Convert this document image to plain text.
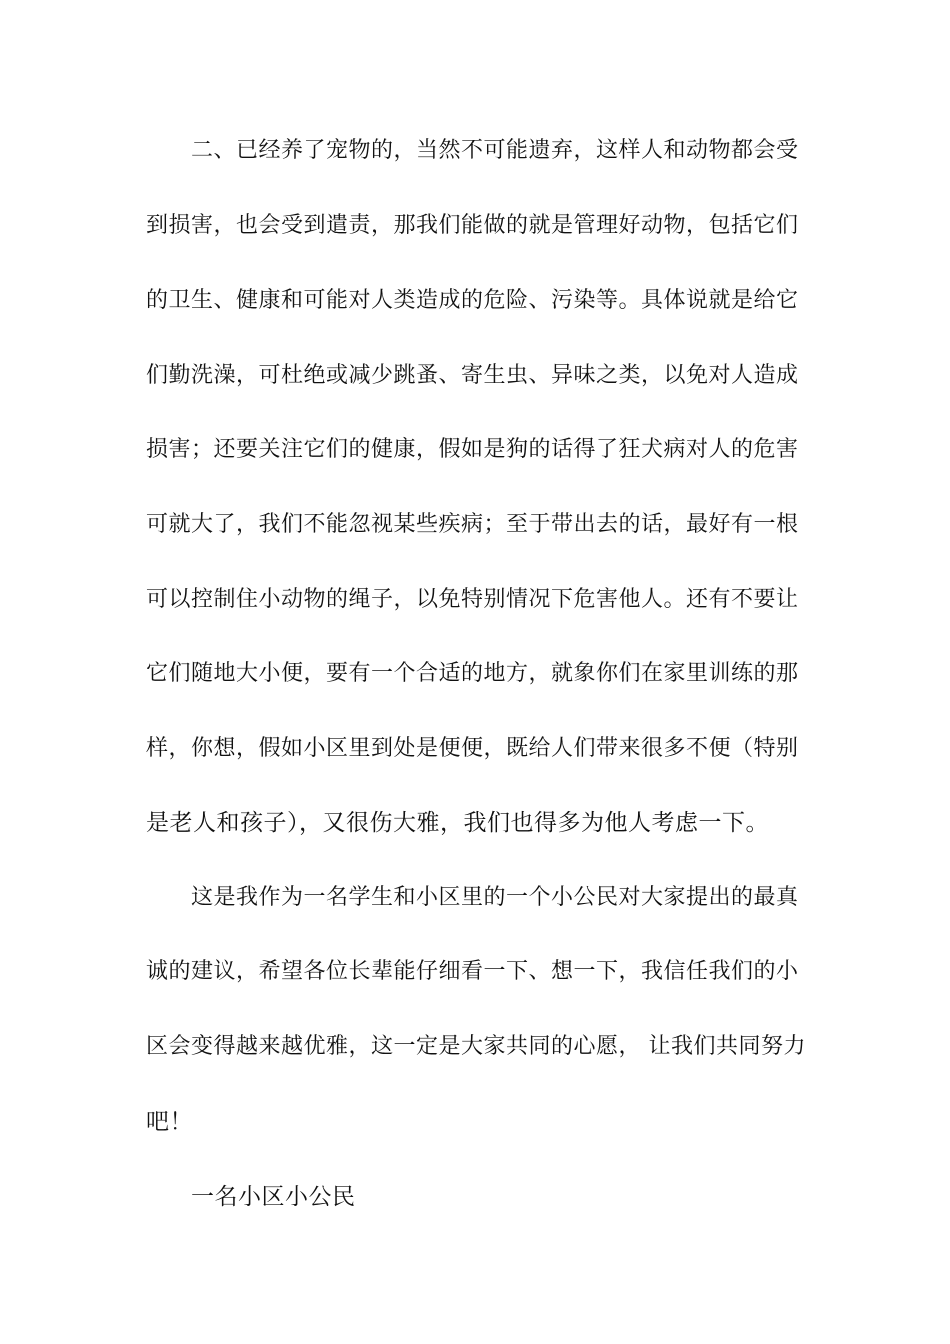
二、已经养了宠物的，当然不可能遗弃，这样人和动物都会受
到损害，也会受到遣责，那我们能做的就是管理好动物，包括它们
的卫生、健康和可能对人类造成的危险、污染等。具体说就是给它
们勤洗澡，可杜绝或减少跳蚤、寄生虫、异味之类，以免对人造成
损害；还要关注它们的健康，假如是狗的话得了狂犬病对人的危害
可就大了，我们不能忽视某些疾病；至于带出去的话，最好有一根
可以控制住小动物的绳子，以免特别情况下危害他人。还有不要让
它们随地大小便，要有一个合适的地方，就象你们在家里训练的那
样，你想，假如小区里到处是便便，既给人们带来很多不便（特别
是老人和孩子），又很伤大雅，我们也得多为他人考虑一下。
这是我作为一名学生和小区里的一个小公民对大家提出的最真
诚的建议，希望各位长辈能仔细看一下、想一下，我信任我们的小
区会变得越来越优雅，这一定是大家共同的心愿， 让我们共同努力
吧！
一名小区小公民
